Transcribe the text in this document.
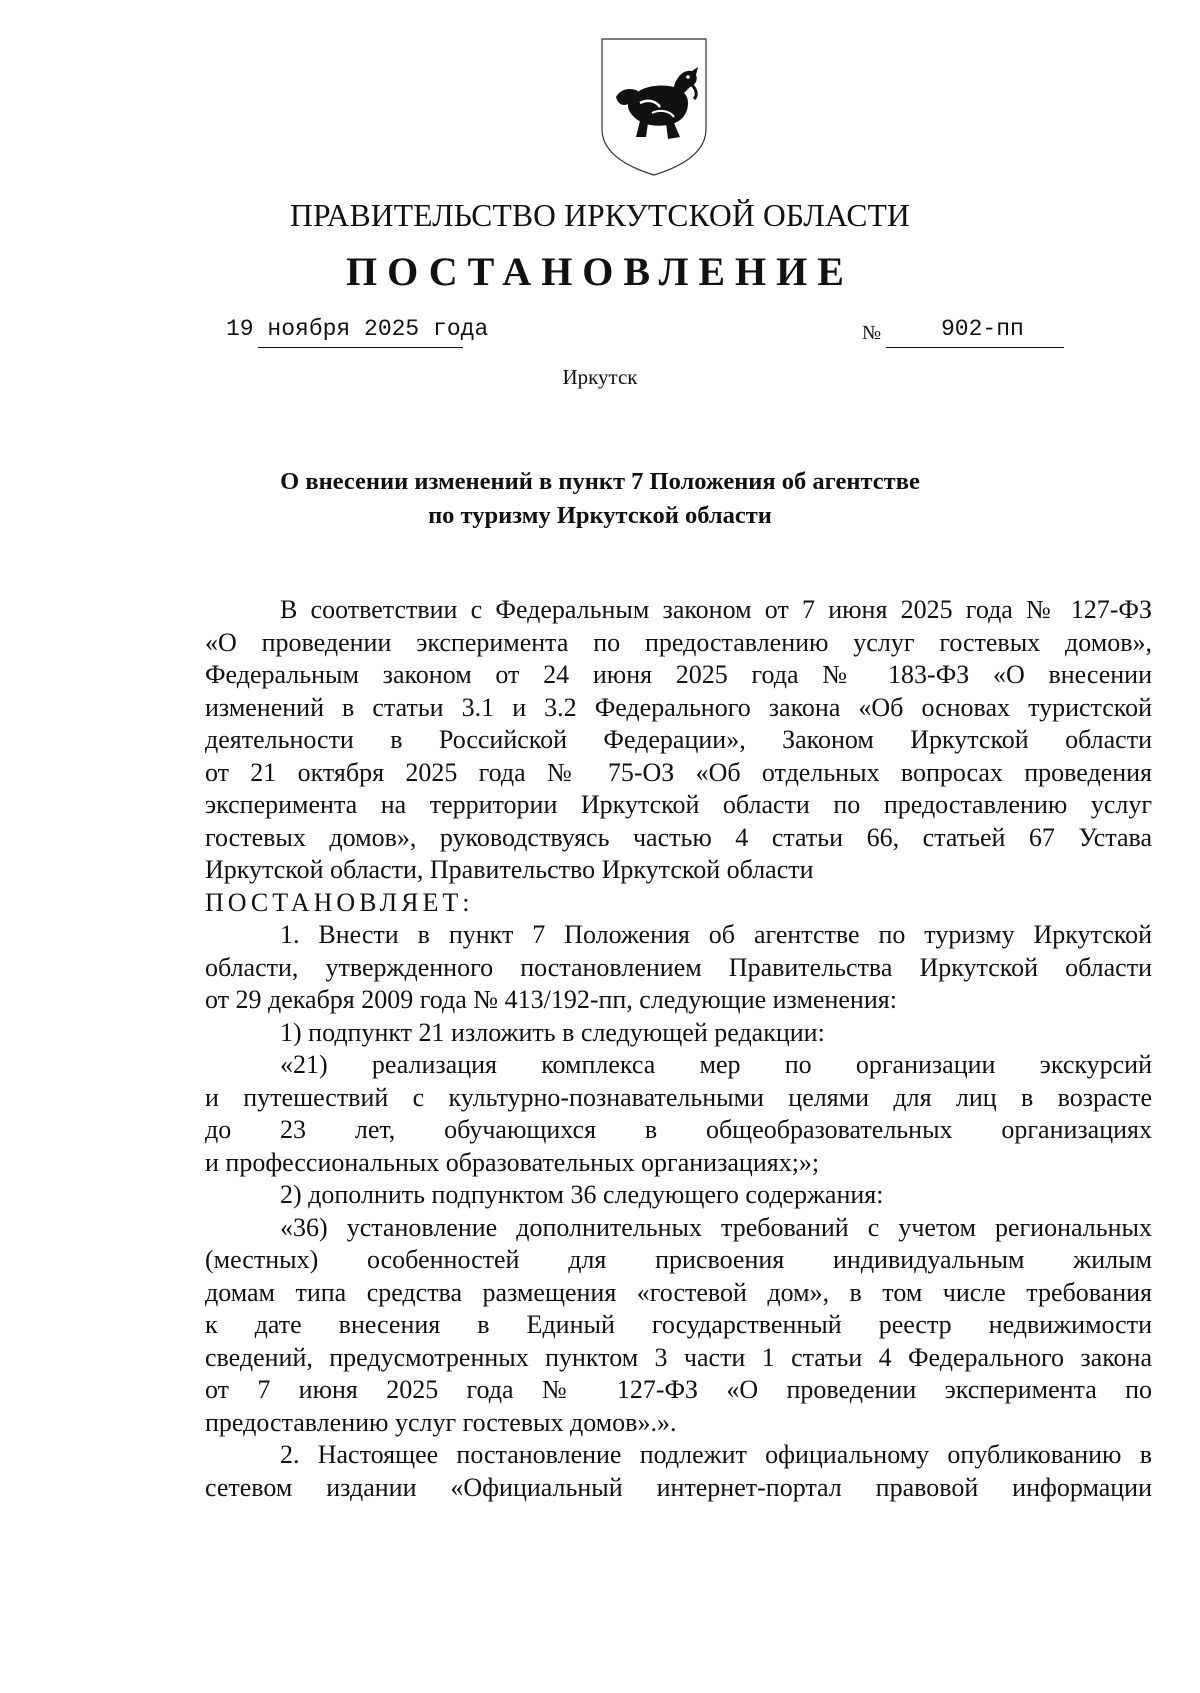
ПРАВИТЕЛЬСТВО ИРКУТСКОЙ ОБЛАСТИ
ПОСТАНОВЛЕНИЕ
19 ноября 2025 года	№	902-пп
Иркутск
О внесении изменений в пункт 7 Положения об агентстве
по туризму Иркутской области
В соответствии с Федеральным законом от 7 июня 2025 года № 127-ФЗ
«О проведении эксперимента по предоставлению услуг гостевых домов»,
Федеральным законом от 24 июня 2025 года № 183-ФЗ «О внесении
изменений в статьи 3.1 и 3.2 Федерального закона «Об основах туристской
деятельности в Российской Федерации», Законом Иркутской области
от 21 октября 2025 года № 75-ОЗ «Об отдельных вопросах проведения
эксперимента на территории Иркутской области по предоставлению услуг
гостевых домов», руководствуясь частью 4 статьи 66, статьей 67 Устава
Иркутской области, Правительство Иркутской области
ПОСТАНОВЛЯЕТ:
1. Внести в пункт 7 Положения об агентстве по туризму Иркутской
области, утвержденного постановлением Правительства Иркутской области
от 29 декабря 2009 года № 413/192-пп, следующие изменения:
1) подпункт 21 изложить в следующей редакции:
«21) реализация комплекса мер по организации экскурсий
и путешествий с культурно-познавательными целями для лиц в возрасте
до 23 лет, обучающихся в общеобразовательных организациях
и профессиональных образовательных организациях;»;
2) дополнить подпунктом 36 следующего содержания:
«36) установление дополнительных требований с учетом региональных
(местных) особенностей для присвоения индивидуальным жилым
домам типа средства размещения «гостевой дом», в том числе требования
к дате внесения в Единый государственный реестр недвижимости
сведений, предусмотренных пунктом 3 части 1 статьи 4 Федерального закона
от 7 июня 2025 года № 127-ФЗ «О проведении эксперимента по
предоставлению услуг гостевых домов».».
2. Настоящее постановление подлежит официальному опубликованию в
сетевом издании «Официальный интернет-портал правовой информации
